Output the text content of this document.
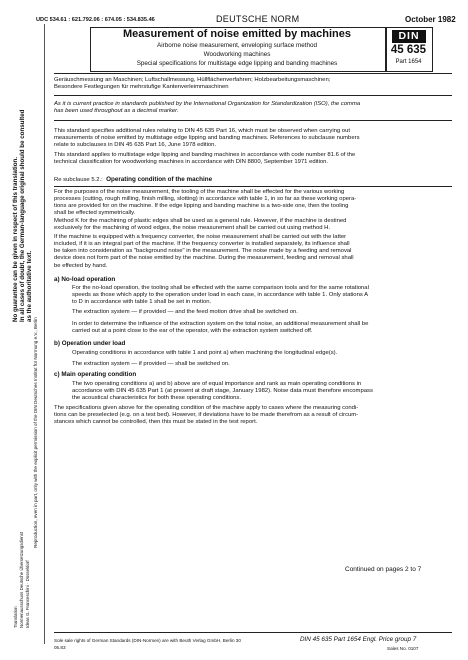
No guarantee can be given in respect of this translation. In all cases of doubt, the German-language original should be consulted as the authoritative text.
Reproduction, even in part, only with the explicit permission of the DIN Deutsches Institut für Normung e.V., Berlin
Translation Normenausschuss Deutsche Übersetzungsdienst Ideas G. Franceschini · Düsseldorf
UDC 534.61 : 621.792.06 : 674.05 : 534.835.46	DEUTSCHE NORM	October 1982
Measurement of noise emitted by machines
Airborne noise measurement, enveloping surface method
Woodworking machines
Special specifications for multistage edge lipping and banding machines
DIN
45 635
Part 1654
Geräuschmessung an Maschinen; Luftschallmessung, Hüllflächenverfahren; Holzbearbeitungsmaschinen;
Besondere Festlegungen für mehrstufige Kantenverleimmaschinen
As it is current practice in standards published by the International Organization for Standardization (ISO), the comma
has been used throughout as a decimal marker.
This standard specifies additional rules relating to DIN 45 635 Part 16, which must be observed when carrying out
measurements of noise emitted by multistage edge lipping and banding machines. References to subclause numbers
relate to subclauses in DIN 45 635 Part 16, June 1978 edition.
This standard applies to multistage edge lipping and banding machines in accordance with code number 81.6 of the
technical classification for woodworking machines in accordance with DIN 8800, September 1971 edition.
Re subclause 5.2.: Operating condition of the machine
For the purposes of the noise measurement, the tooling of the machine shall be effected for the various working
processes (cutting, rough milling, finish milling, slotting) in accordance with table 1, in so far as these working opera-
tions are provided for on the machine. If the edge lipping and banding machine is a two-side one, then the tooling
shall be effected symmetrically.
Method K for the machining of plastic edges shall be used as a general rule. However, if the machine is destined
exclusively for the machining of wood edges, the noise measurement shall be carried out using method H.
If the machine is equipped with a frequency converter, the noise measurement shall be carried out with the latter
included, if it is an integral part of the machine. If the frequency converter is installed separately, its influence shall
be taken into consideration as "background noise" in the measurement. The noise made by a feeding and removal
device does not form part of the noise emitted by the machine. During the measurement, feeding and removal shall
be effected by hand.
a) No-load operation
For the no-load operation, the tooling shall be effected with the same comparison tools and for the same rotational
speeds as those which apply to the operation under load in each case, in accordance with table 1. Only stations A
to D in accordance with table 1 shall be set in motion.
The extraction system — if provided — and the feed motion drive shall be switched on.
In order to determine the influence of the extraction system on the total noise, an additional measurement shall be
carried out at a point close to the ear of the operator, with the extraction system switched off.
b) Operation under load
Operating conditions in accordance with table 1 and point a) when machining the longitudinal edge(s).
The extraction system — if provided — shall be switched on.
c) Main operating condition
The two operating conditions a) and b) above are of equal importance and rank as main operating conditions in
accordance with DIN 45 635 Part 1 (at present at draft stage, January 1982). Noise data must therefore encompass
the acoustical characteristics for both these operating conditions.
The specifications given above for the operating condition of the machine apply to cases where the measuring condi-
tions can be preselected (e.g. on a test bed). However, if deviations have to be made therefrom as a result of circum-
stances which cannot be controlled, then this must be stated in the test report.
Continued on pages 2 to 7
Sole sale rights of German Standards (DIN-Normen) are with Beuth Verlag GmbH, Berlin 30
05.83
DIN 45 635 Part 1654 Engl. Price group 7
Sales No. 0107
